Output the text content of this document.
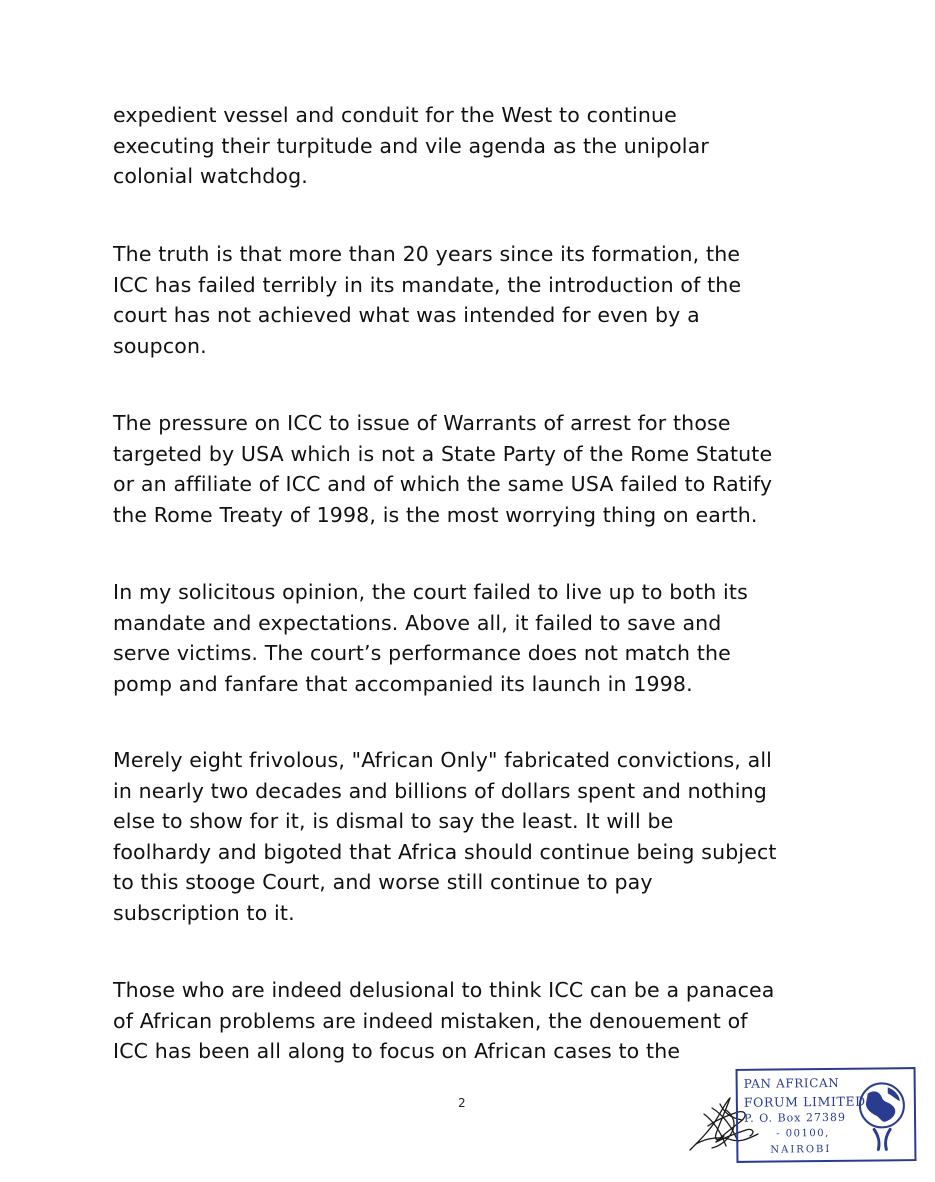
expedient vessel and conduit for the West to continue
executing their turpitude and vile agenda as the unipolar
colonial watchdog.

The truth is that more than 20 years since its formation, the
ICC has failed terribly in its mandate, the introduction of the
court has not achieved what was intended for even by a
soupcon.

The pressure on ICC to issue of Warrants of arrest for those
targeted by USA which is not a State Party of the Rome Statute
or an affiliate of ICC and of which the same USA failed to Ratify
the Rome Treaty of 1998, is the most worrying thing on earth.

In my solicitous opinion, the court failed to live up to both its
mandate and expectations. Above all, it failed to save and
serve victims. The court’s performance does not match the
pomp and fanfare that accompanied its launch in 1998.

Merely eight frivolous, "African Only" fabricated convictions, all
in nearly two decades and billions of dollars spent and nothing
else to show for it, is dismal to say the least. It will be
foolhardy and bigoted that Africa should continue being subject
to this stooge Court, and worse still continue to pay
subscription to it.

Those who are indeed delusional to think ICC can be a panacea
of African problems are indeed mistaken, the denouement of
ICC has been all along to focus on African cases to the

2
PAN AFRICAN
FORUM LIMITED
P. O. Box 27389
- 00100,
NAIROBI
